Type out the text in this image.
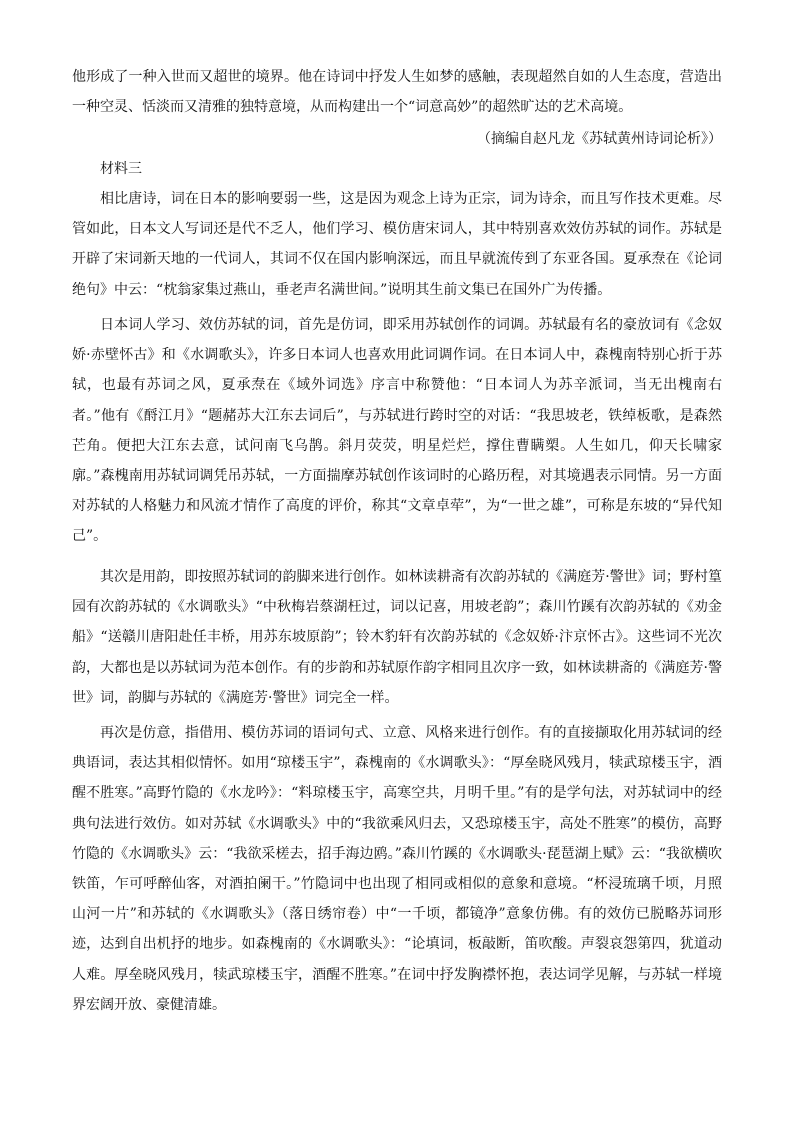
他形成了一种入世而又超世的境界。他在诗词中抒发人生如梦的感触，表现超然自如的人生态度，营造出一种空灵、恬淡而又清雅的独特意境，从而构建出一个“词意高妙”的超然旷达的艺术高境。

（摘编自赵凡龙《苏轼黄州诗词论析》）

材料三

相比唐诗，词在日本的影响要弱一些，这是因为观念上诗为正宗，词为诗余，而且写作技术更难。尽管如此，日本文人写词还是代不乏人，他们学习、模仿唐宋词人，其中特别喜欢效仿苏轼的词作。苏轼是开辟了宋词新天地的一代词人，其词不仅在国内影响深远，而且早就流传到了东亚各国。夏承焘在《论词绝句》中云：“枕翁家集过燕山，垂老声名满世间。”说明其生前文集已在国外广为传播。

日本词人学习、效仿苏轼的词，首先是仿词，即采用苏轼创作的词调。苏轼最有名的豪放词有《念奴娇·赤壁怀古》和《水调歌头》，许多日本词人也喜欢用此词调作词。在日本词人中，森槐南特别心折于苏轼，也最有苏词之风，夏承焘在《域外词选》序言中称赞他：“日本词人为苏辛派词，当无出槐南右者。”他有《酹江月》“题赭苏大江东去词后”，与苏轼进行跨时空的对话：“我思坡老，铁绰板歌，是森然芒角。便把大江东去意，试问南飞乌鹊。斜月荧荧，明星烂烂，撑住曹瞒槊。人生如几，仰天长啸家廓。”森槐南用苏轼词调凭吊苏轼，一方面揣摩苏轼创作该词时的心路历程，对其境遇表示同情。另一方面对苏轼的人格魅力和风流才情作了高度的评价，称其“文章卓荦”，为“一世之雄”，可称是东坡的“异代知己”。

其次是用韵，即按照苏轼词的韵脚来进行创作。如林读耕斋有次韵苏轼的《满庭芳·警世》词；野村篁园有次韵苏轼的《水调歌头》“中秋梅岩蔡湖枉过，词以记喜，用坡老韵”；森川竹蹊有次韵苏轼的《劝金船》“送赣川唐阳赴任丰桥，用苏东坡原韵”；铃木豹轩有次韵苏轼的《念奴娇·汴京怀古》。这些词不光次韵，大都也是以苏轼词为范本创作。有的步韵和苏轼原作韵字相同且次序一致，如林读耕斋的《满庭芳·警世》词，韵脚与苏轼的《满庭芳·警世》词完全一样。

再次是仿意，指借用、模仿苏词的语词句式、立意、风格来进行创作。有的直接撷取化用苏轼词的经典语词，表达其相似情怀。如用“琼楼玉宇”，森槐南的《水调歌头》：“厚垒晓风残月，犊武琼楼玉宇，酒醒不胜寒。”高野竹隐的《水龙吟》：“料琼楼玉宇，高寒空共，月明千里。”有的是学句法，对苏轼词中的经典句法进行效仿。如对苏轼《水调歌头》中的“我欲乘风归去，又恐琼楼玉宇，高处不胜寒”的模仿，高野竹隐的《水调歌头》云：“我欲采槎去，招手海边鸥。”森川竹蹊的《水调歌头·琵琶湖上赋》云：“我欲横吹铁笛，乍可呼醉仙客，对酒拍阑干。”竹隐词中也出现了相同或相似的意象和意境。“杯浸琉璃千顷，月照山河一片”和苏轼的《水调歌头》（落日绣帘卷）中“一千顷，都镜净”意象仿佛。有的效仿已脱略苏词形迹，达到自出机抒的地步。如森槐南的《水调歌头》：“论填词，板敲断，笛吹酸。声裂哀怨第四，犹道动人难。厚垒晓风残月，犊武琼楼玉宇，酒醒不胜寒。”在词中抒发胸襟怀抱，表达词学见解，与苏轼一样境界宏阔开放、豪健清雄。
